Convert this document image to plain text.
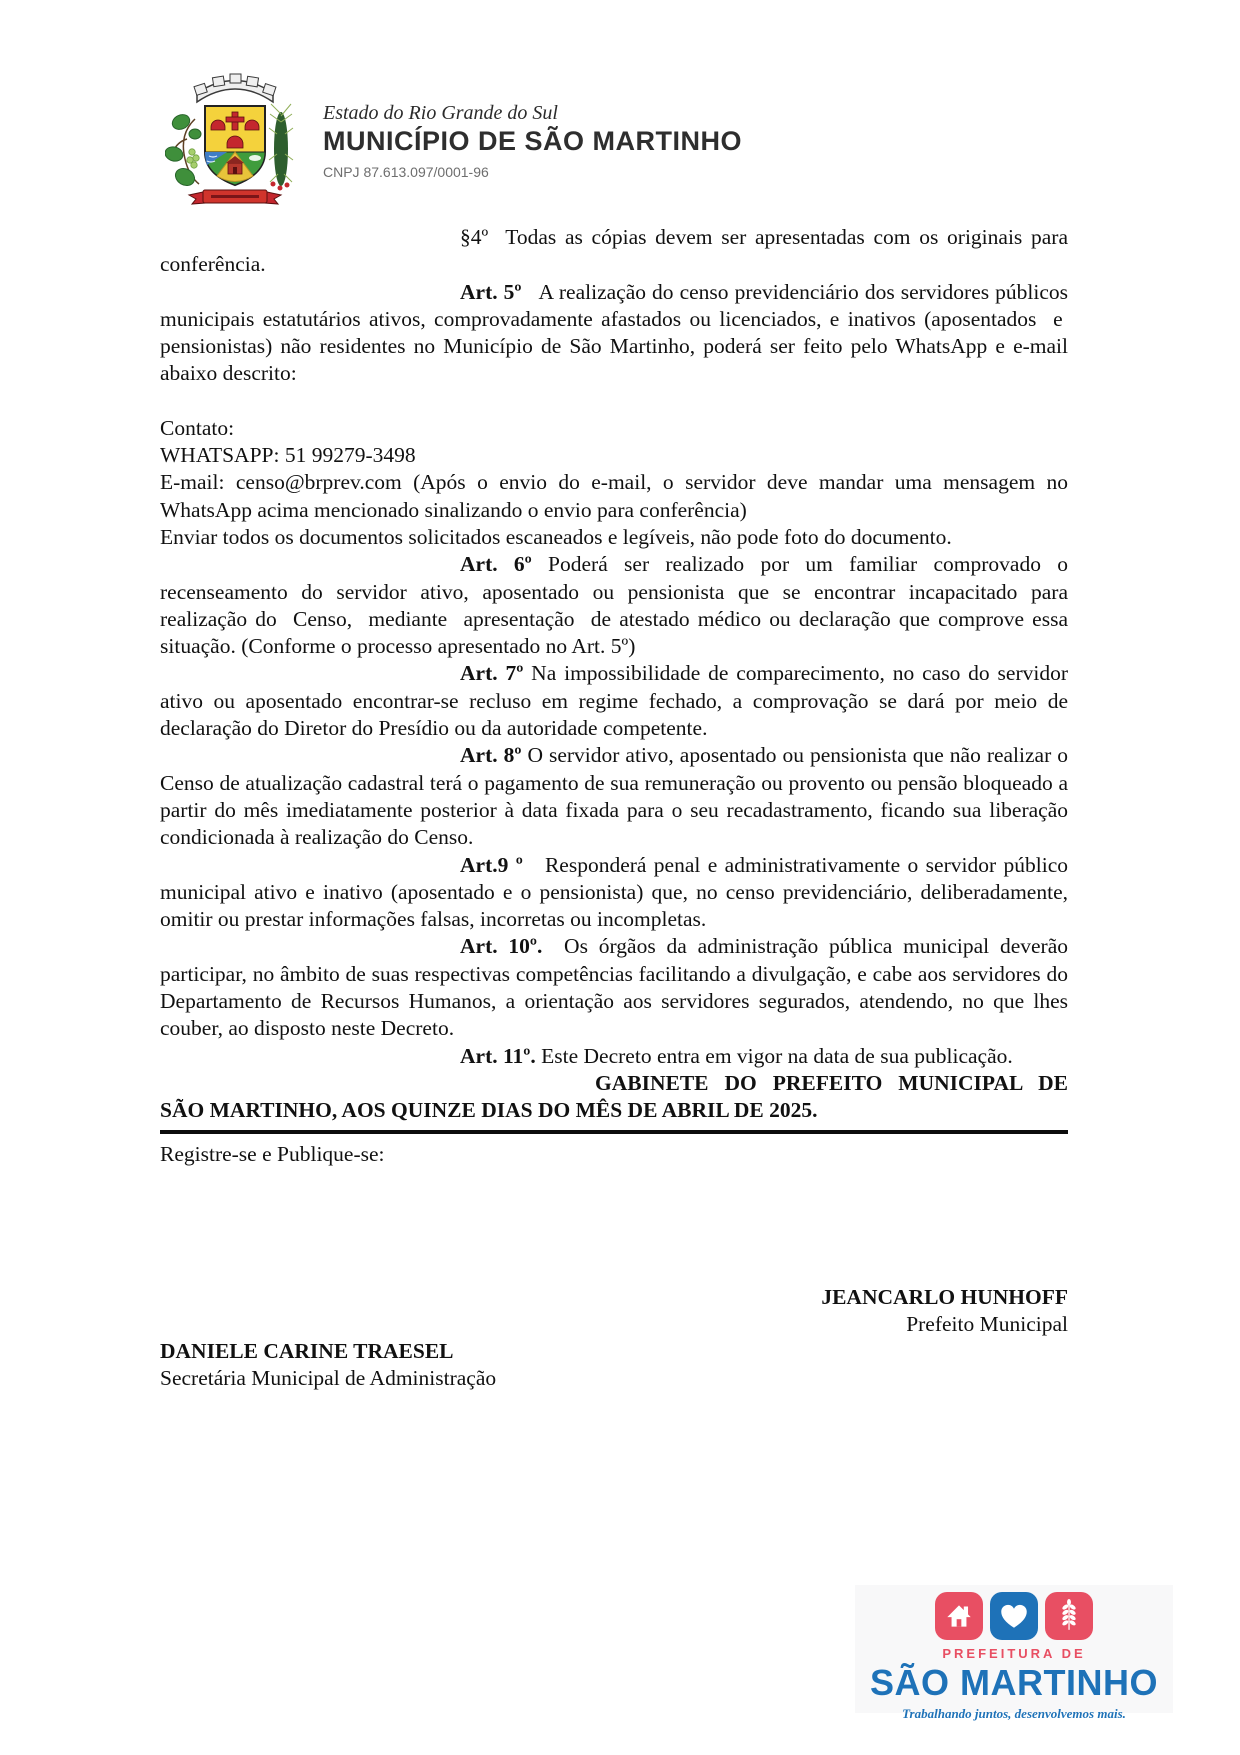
Estado do Rio Grande do Sul
MUNICÍPIO DE SÃO MARTINHO
CNPJ 87.613.097/0001-96

§4º  Todas as cópias devem ser apresentadas com os originais para conferência.

Art. 5º   A realização do censo previdenciário dos servidores públicos municipais estatutários ativos, comprovadamente afastados ou licenciados, e inativos (aposentados  e  pensionistas) não residentes no Município de São Martinho, poderá ser feito pelo WhatsApp e e-mail abaixo descrito:

Contato:

WHATSAPP: 51 99279-3498

E-mail: censo@brprev.com (Após o envio do e-mail, o servidor deve mandar uma mensagem no WhatsApp acima mencionado sinalizando o envio para conferência)

Enviar todos os documentos solicitados escaneados e legíveis, não pode foto do documento.

Art. 6º Poderá ser realizado por um familiar comprovado o recenseamento do servidor ativo, aposentado ou pensionista que se encontrar incapacitado para realização do  Censo,  mediante  apresentação  de atestado médico ou declaração que comprove essa situação. (Conforme o processo apresentado no Art. 5º)

Art. 7º Na impossibilidade de comparecimento, no caso do servidor ativo ou aposentado encontrar-se recluso em regime fechado, a comprovação se dará por meio de declaração do Diretor do Presídio ou da autoridade competente.

Art. 8º O servidor ativo, aposentado ou pensionista que não realizar o Censo de atualização cadastral terá o pagamento de sua remuneração ou provento ou pensão bloqueado a partir do mês imediatamente posterior à data fixada para o seu recadastramento, ficando sua liberação condicionada à realização do Censo.

Art.9 º   Responderá penal e administrativamente o servidor público municipal ativo e inativo (aposentado e o pensionista) que, no censo previdenciário, deliberadamente, omitir ou prestar informações falsas, incorretas ou incompletas.

Art. 10º.  Os órgãos da administração pública municipal deverão participar, no âmbito de suas respectivas competências facilitando a divulgação, e cabe aos servidores do Departamento de Recursos Humanos, a orientação aos servidores segurados, atendendo, no que lhes couber, ao disposto neste Decreto.

Art. 11º. Este Decreto entra em vigor na data de sua publicação.

GABINETE DO PREFEITO MUNICIPAL DE

SÃO MARTINHO, AOS QUINZE DIAS DO MÊS DE ABRIL DE 2025.

Registre-se e Publique-se:

JEANCARLO HUNHOFF
Prefeito Municipal
DANIELE CARINE TRAESEL
Secretária Municipal de Administração
PREFEITURA DE
SÃO MARTINHO
Trabalhando juntos, desenvolvemos mais.
